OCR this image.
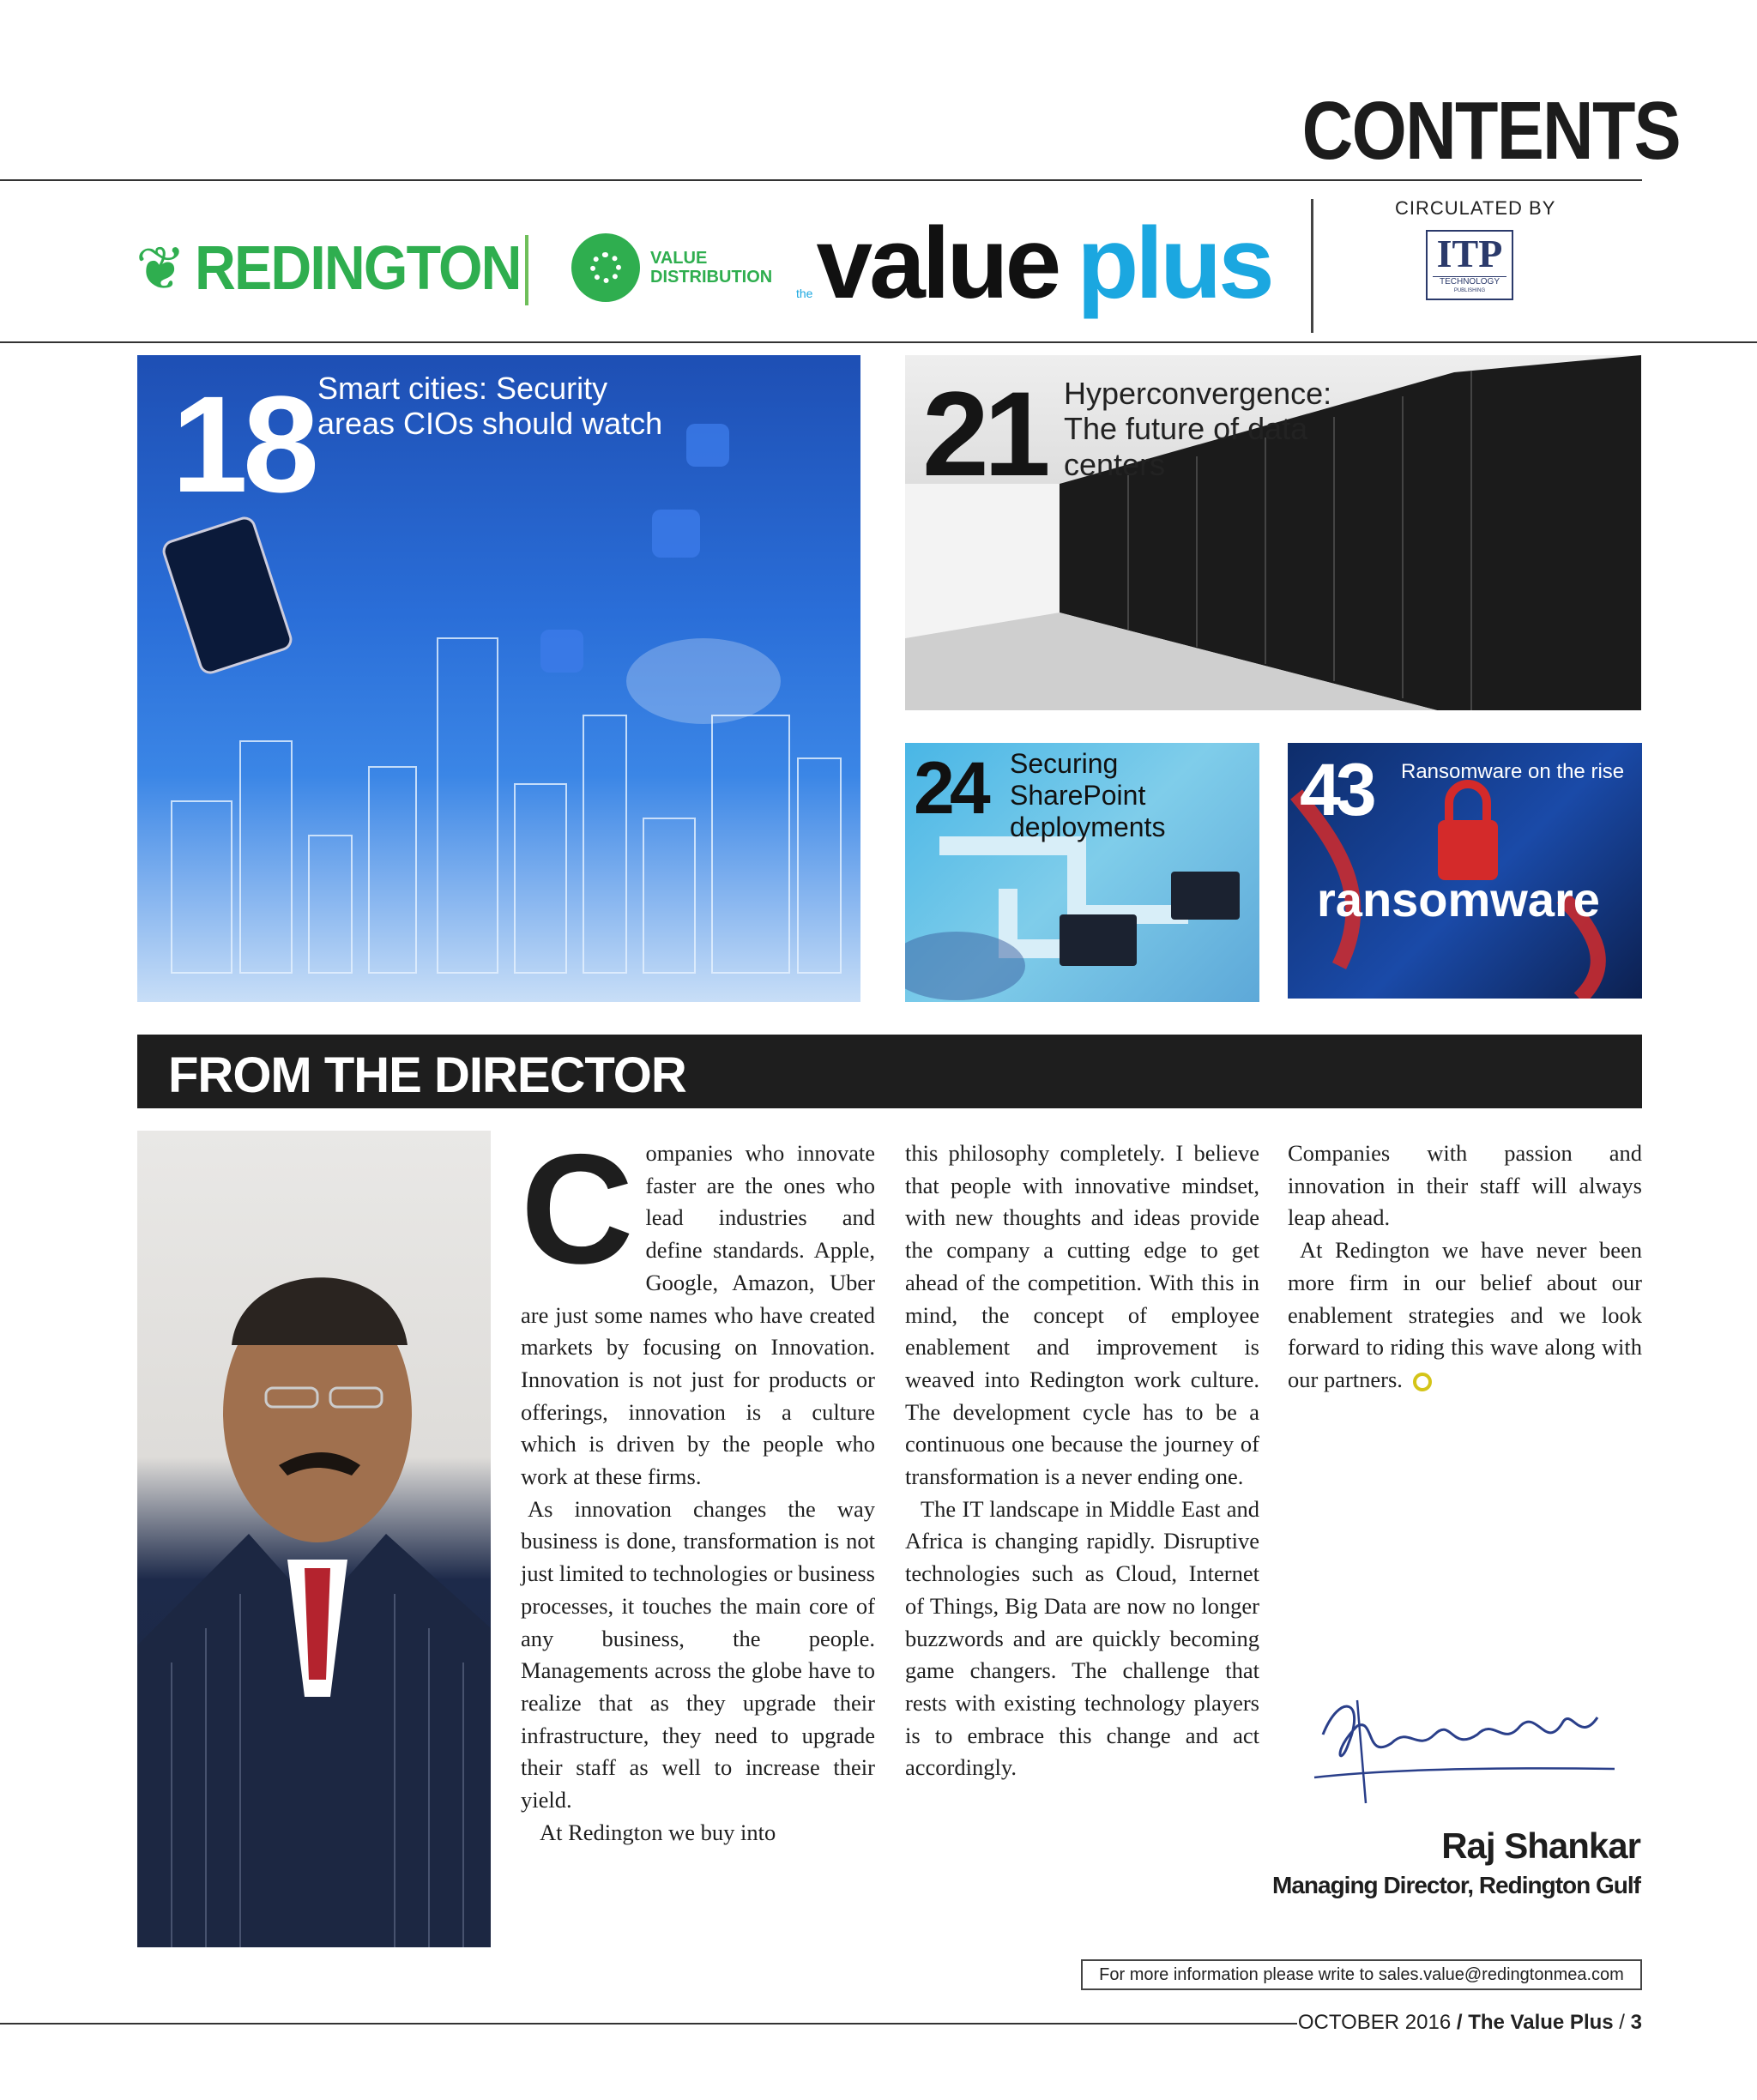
CONTENTS
❦ REDINGTON	VALUE
DISTRIBUTION
the value plus	CIRCULATED BY
ITP
TECHNOLOGY
PUBLISHING
18 Smart cities: Security
areas CIOs should watch 21 Hyperconvergence:
The future of data
centers
24 Securing
SharePoint
deployments 43 Ransomware on the rise
ransomware
FROM THE DIRECTOR
C ompanies who innovate faster are the ones who lead industries and define standards. Apple, Google, Amazon, Uber are just some names who have created markets by focusing on Innovation. Innovation is not just for products or offerings, innovation is a culture which is driven by the people who work at these firms.

As innovation changes the way business is done, transformation is not just limited to technologies or business processes, it touches the main core of any business, the people. Managements across the globe have to realize that as they upgrade their infrastructure, they need to upgrade their staff as well to increase their yield.

At Redington we buy into

this philosophy completely. I believe that people with innovative mindset, with new thoughts and ideas provide the company a cutting edge to get ahead of the competition. With this in mind, the concept of employee enablement and improvement is weaved into Redington work culture. The development cycle has to be a continuous one because the journey of transformation is a never ending one.

The IT landscape in Middle East and Africa is changing rapidly. Disruptive technologies such as Cloud, Internet of Things, Big Data are now no longer buzzwords and are quickly becoming game changers. The challenge that rests with existing technology players is to embrace this change and act accordingly.

Companies with passion and innovation in their staff will always leap ahead.

At Redington we have never been more firm in our belief about our enablement strategies and we look forward to riding this wave along with our partners.

Raj Shankar
Managing Director, Redington Gulf
For more information please write to sales.value@redingtonmea.com
OCTOBER 2016 / The Value Plus / 3
